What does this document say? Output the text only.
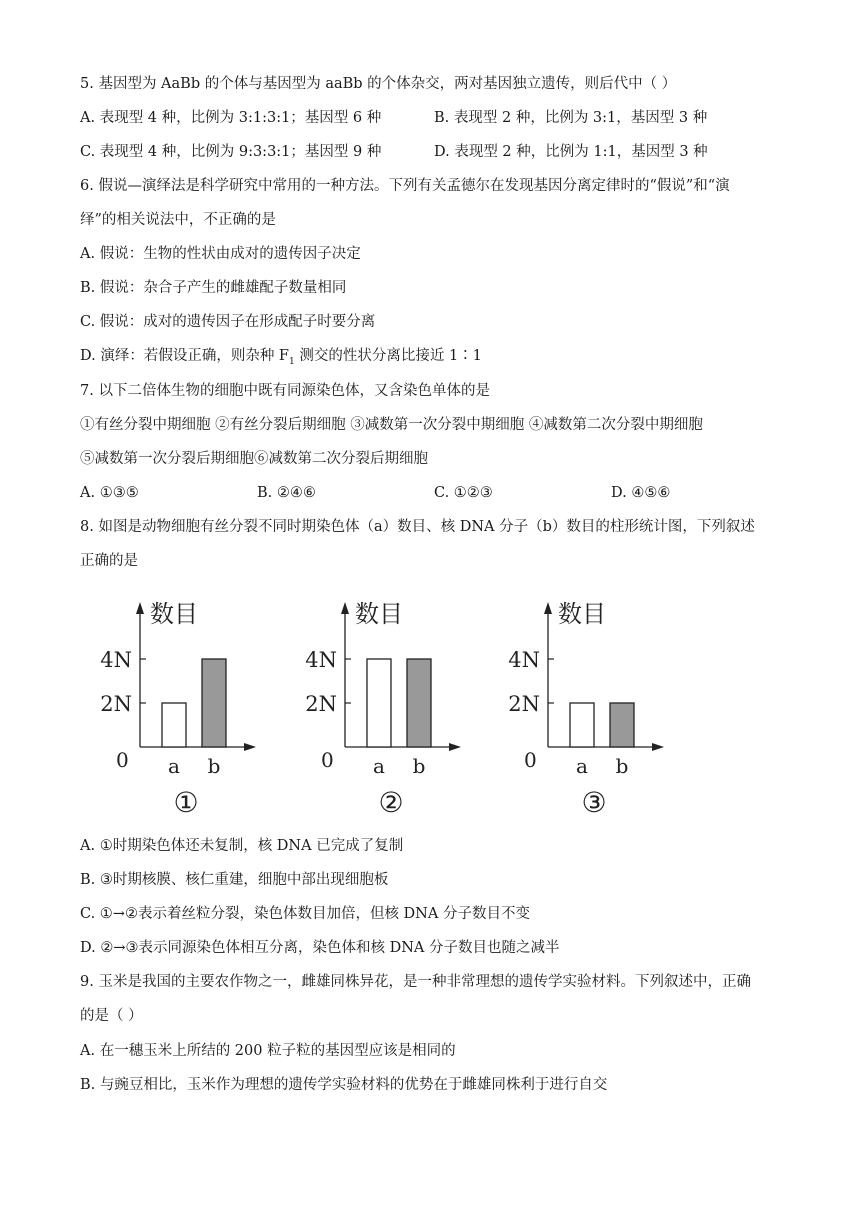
5. 基因型为 AaBb 的个体与基因型为 aaBb 的个体杂交，两对基因独立遗传，则后代中（ ）
A. 表现型 4 种，比例为 3:1:3:1；基因型 6 种	B. 表现型 2 种，比例为 3:1，基因型 3 种
C. 表现型 4 种，比例为 9:3:3:1；基因型 9 种	D. 表现型 2 种，比例为 1:1，基因型 3 种
6. 假说—演绎法是科学研究中常用的一种方法。下列有关孟德尔在发现基因分离定律时的“假说”和“演
绎”的相关说法中，不正确的是
A. 假说：生物的性状由成对的遗传因子决定
B. 假说：杂合子产生的雌雄配子数量相同
C. 假说：成对的遗传因子在形成配子时要分离
D. 演绎：若假设正确，则杂种 $F_1$ 测交的性状分离比接近 1∶1
7. 以下二倍体生物的细胞中既有同源染色体，又含染色单体的是
①有丝分裂中期细胞 ②有丝分裂后期细胞 ③减数第一次分裂中期细胞 ④减数第二次分裂中期细胞
⑤减数第一次分裂后期细胞⑥减数第二次分裂后期细胞
A. ①③⑤	B. ②④⑥	C. ①②③	D. ④⑤⑥
8. 如图是动物细胞有丝分裂不同时期染色体（a）数目、核 DNA 分子（b）数目的柱形统计图，下列叙述
正确的是
数目
2N
4N
0 a b
①
数目
2N
4N
0 a b
②
数目
2N
4N
0 a b
③
A. ①时期染色体还未复制，核 DNA 已完成了复制
B. ③时期核膜、核仁重建，细胞中部出现细胞板
C. ①→②表示着丝粒分裂，染色体数目加倍，但核 DNA 分子数目不变
D. ②→③表示同源染色体相互分离，染色体和核 DNA 分子数目也随之减半
9. 玉米是我国的主要农作物之一，雌雄同株异花，是一种非常理想的遗传学实验材料。下列叙述中，正确
的是（ ）
A. 在一穗玉米上所结的 200 粒子粒的基因型应该是相同的
B. 与豌豆相比，玉米作为理想的遗传学实验材料的优势在于雌雄同株利于进行自交
